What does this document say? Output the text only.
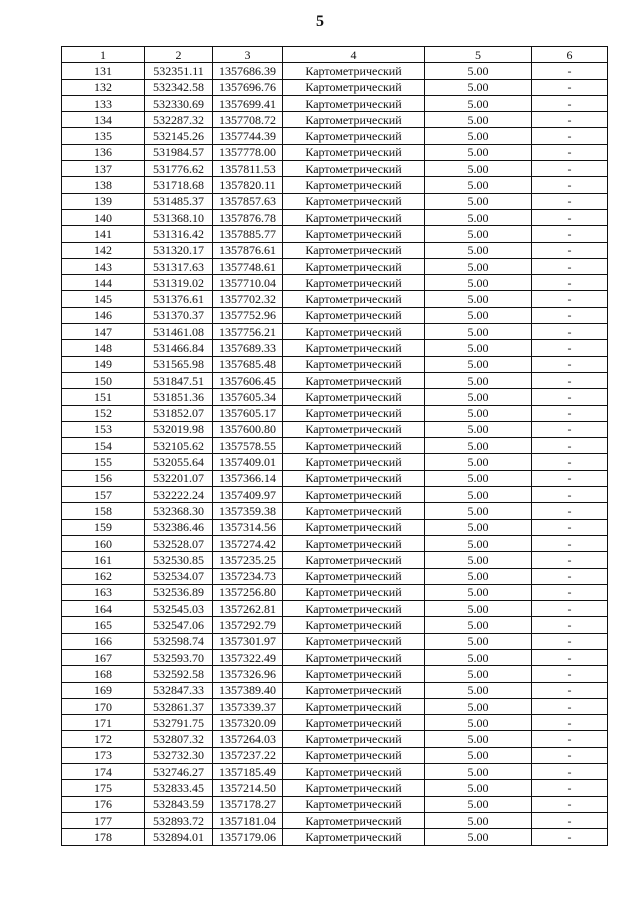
5
1	2	3	4	5	6
131	532351.11	1357686.39	Картометрический	5.00	-
132	532342.58	1357696.76	Картометрический	5.00	-
133	532330.69	1357699.41	Картометрический	5.00	-
134	532287.32	1357708.72	Картометрический	5.00	-
135	532145.26	1357744.39	Картометрический	5.00	-
136	531984.57	1357778.00	Картометрический	5.00	-
137	531776.62	1357811.53	Картометрический	5.00	-
138	531718.68	1357820.11	Картометрический	5.00	-
139	531485.37	1357857.63	Картометрический	5.00	-
140	531368.10	1357876.78	Картометрический	5.00	-
141	531316.42	1357885.77	Картометрический	5.00	-
142	531320.17	1357876.61	Картометрический	5.00	-
143	531317.63	1357748.61	Картометрический	5.00	-
144	531319.02	1357710.04	Картометрический	5.00	-
145	531376.61	1357702.32	Картометрический	5.00	-
146	531370.37	1357752.96	Картометрический	5.00	-
147	531461.08	1357756.21	Картометрический	5.00	-
148	531466.84	1357689.33	Картометрический	5.00	-
149	531565.98	1357685.48	Картометрический	5.00	-
150	531847.51	1357606.45	Картометрический	5.00	-
151	531851.36	1357605.34	Картометрический	5.00	-
152	531852.07	1357605.17	Картометрический	5.00	-
153	532019.98	1357600.80	Картометрический	5.00	-
154	532105.62	1357578.55	Картометрический	5.00	-
155	532055.64	1357409.01	Картометрический	5.00	-
156	532201.07	1357366.14	Картометрический	5.00	-
157	532222.24	1357409.97	Картометрический	5.00	-
158	532368.30	1357359.38	Картометрический	5.00	-
159	532386.46	1357314.56	Картометрический	5.00	-
160	532528.07	1357274.42	Картометрический	5.00	-
161	532530.85	1357235.25	Картометрический	5.00	-
162	532534.07	1357234.73	Картометрический	5.00	-
163	532536.89	1357256.80	Картометрический	5.00	-
164	532545.03	1357262.81	Картометрический	5.00	-
165	532547.06	1357292.79	Картометрический	5.00	-
166	532598.74	1357301.97	Картометрический	5.00	-
167	532593.70	1357322.49	Картометрический	5.00	-
168	532592.58	1357326.96	Картометрический	5.00	-
169	532847.33	1357389.40	Картометрический	5.00	-
170	532861.37	1357339.37	Картометрический	5.00	-
171	532791.75	1357320.09	Картометрический	5.00	-
172	532807.32	1357264.03	Картометрический	5.00	-
173	532732.30	1357237.22	Картометрический	5.00	-
174	532746.27	1357185.49	Картометрический	5.00	-
175	532833.45	1357214.50	Картометрический	5.00	-
176	532843.59	1357178.27	Картометрический	5.00	-
177	532893.72	1357181.04	Картометрический	5.00	-
178	532894.01	1357179.06	Картометрический	5.00	-
